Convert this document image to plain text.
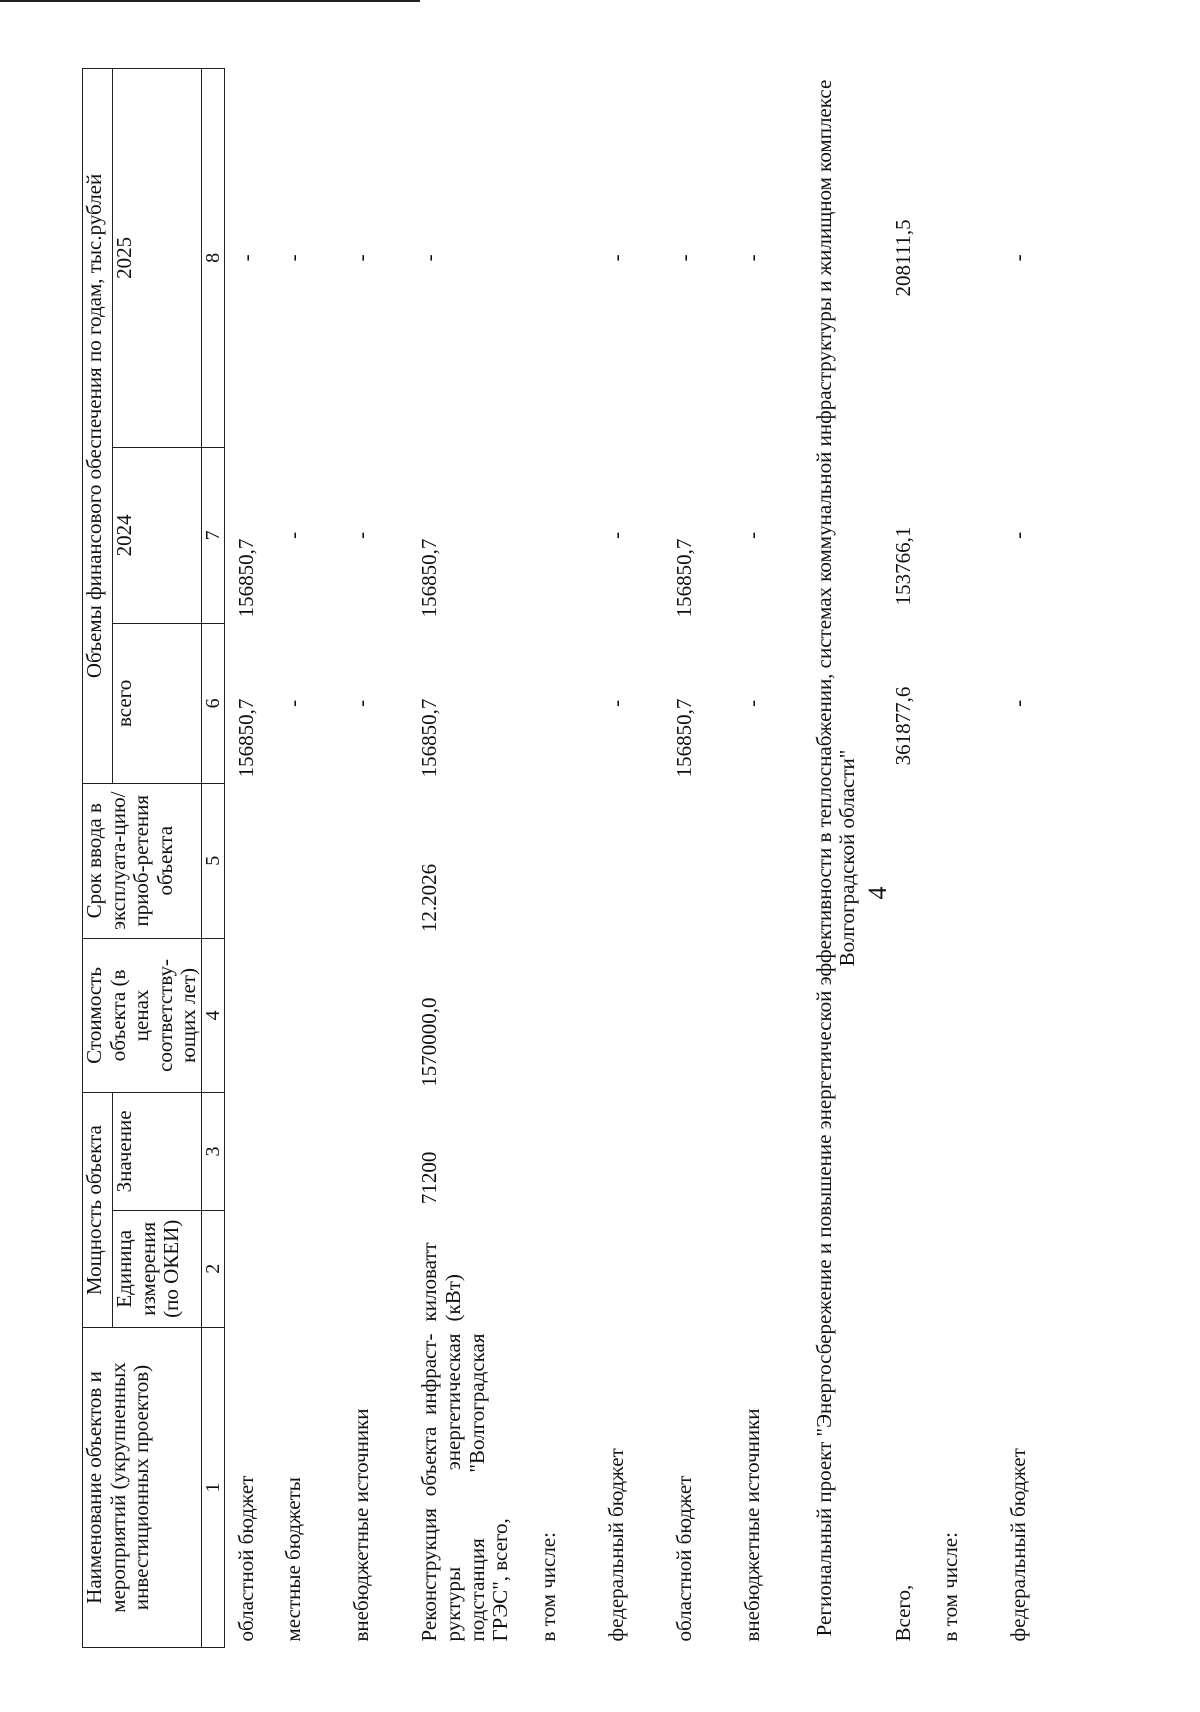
4
Наименование объектов и мероприятий (укрупненных инвестиционных проектов)	Мощность объекта		Стоимость объекта (в ценах соответству-ющих лет)	Срок ввода в эксплуата-цию/приоб-ретения объекта	Объемы финансового обеспечения по годам, тыс.рублей		
	Единица измерения (по ОКЕИ)	Значение			всего	2024	2025
1	2	3	4	5	6	7	8
областной бюджет					156850,7	156850,7	-
местные бюджеты					-	-	-
внебюджетные источники					-	-	-
Реконструкция объекта инфраст-руктуры энергетическая подстанция "Волгоградская ГРЭС", всего,	киловатт (кВт)	71200	1570000,0	12.2026	156850,7	156850,7	-
в том числе:							
федеральный бюджет					-	-	-
областной бюджет					156850,7	156850,7	-
внебюджетные источники					-	-	-
Региональный проект "Энергосбережение и повышение энергетической эффективности в теплоснабжении, системах коммунальной инфраструктуры и жилищном комплексе Волгоградской области"							
Всего,					361877,6	153766,1	208111,5
в том числе:							
федеральный бюджет					-	-	-
